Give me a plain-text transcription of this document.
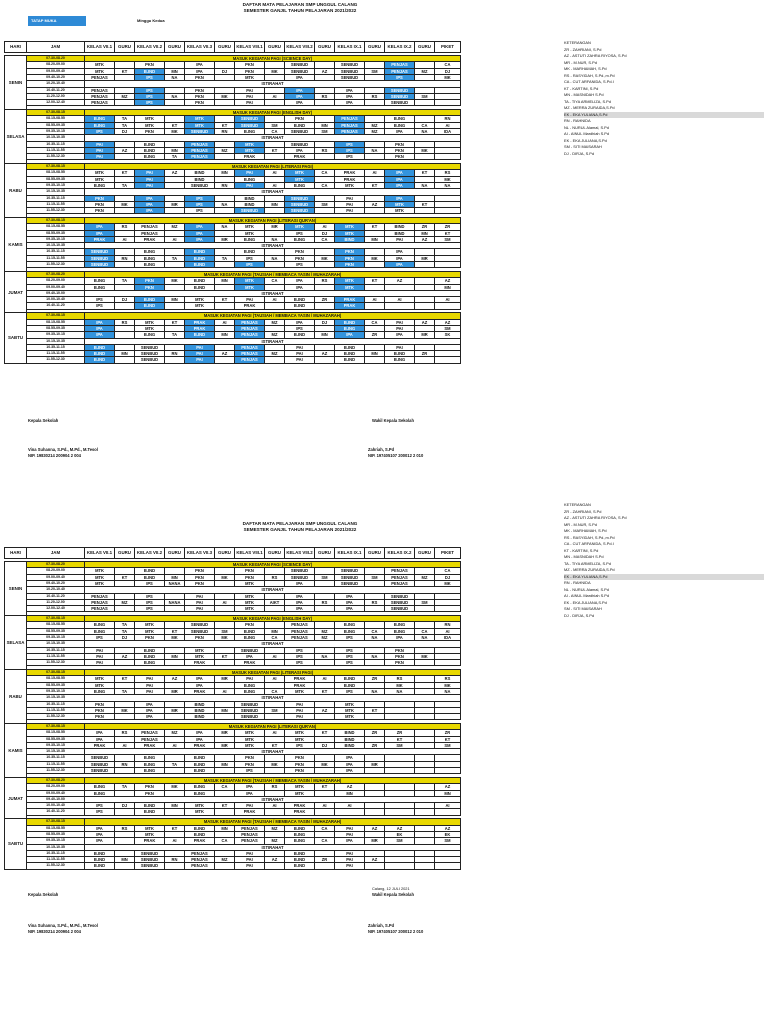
DAFTAR MATA PELAJARAN SMP UNGGUL CALANG
SEMESTER GANJIL TAHUN PELAJARAN 2021/2022
TATAP MUKA	Minggu Kedua
HARI	JAM	KELAS VII.1	GURU	KELAS VII.2	GURU	KELAS VII.3	GURU	KELAS VIII.1	GURU	KELAS VIII.2	GURU	KELAS IX.1	GURU	KELAS IX.2	GURU	PIKET

SENIN	07.30-08.20	MASUK KEGIATAN PAGI (SCIENCE DAY)														
	08.20-09.00	MTK		PKN		IPA		PKN		SENBUD		SENBUD		PENJAS		CA
	09.00-09.40	MTK	KT	B.IND	MN	IPA	DJ	PKN	MK	SENBUD	AZ	SENBUD	SM	PENJAS	MZ	DJ
	09.40-10.20	PENJAS		IPS	NA	PKN		MTK		IPA		SENBUD		IPS		MK
	10.20-10.40	ISTIRAHAT														
	10.40-11.20	PENJAS		IPS		PKN		PAI		IPA		IPA		SENBUD		
	11.20-12.00	PENJAS	MZ	IPS	NA	PKN	MK	PAI	AI	IPA	RS	IPA	RS	SENBUD	SM	
	12.00-12.40	PENJAS		IPS		PKN		PAI		IPA		IPA		SENBUD		

SELASA	07.30-08.15	MASUK KEGIATAN PAGI (ENGLISH DAY)														
	08.15-08.55	B.ING	TA	MTK		MTK		SENBUD		PKN		PENJAS		B.ING		RN
	08.55-09.35	B.ING	TA	MTK	KT	MTK	KT	SENBUD	SM	B.IND	MN	PENJAS	MZ	B.ING	CA	AI
	09.35-10.15	IPS	DJ	PKN	MK	SENBUD	RN	B.ING	CA	SENBUD	SM	PENJAS	MZ	IPA	NA	IDA
	10.15-10.35	ISTIRAHAT														
	10.35-11.15	PAI		B.IND		PENJAS		MTK		SENBUD		IPS		PKN		
	11.15-11.55	PAI	AZ	B.IND	MN	PENJAS	MZ	MTK	KT	IPA	RS	IPS	NA	PKN	MK	
	11.55-12.30	PAI		B.ING	TA	PENJAS		FRAK		PRAK		IPS		PKN		

RABU	07.30-08.15	MASUK KEGIATAN PAGI (LITERASI PAGI)														
	08.15-08.55	MTK	KT	PAI	AZ	BIND	MN	PAI	AI	MTK	CA	PRAK	AI	IPA	KT	RS
	08.55-09.35	MTK		PAI		BIND		B.ING		MTK		PRAK		IPA		MK
	09.35-10.15	B.ING	TA	PAI		SENBUD	RN	PAI	AI	B.ING	CA	MTK	KT	IPA	NA	NA
	10.15-10.35	ISTIRAHAT														
	10.35-11.15	PKN		IPA		IPS		BIND		SENBUD		PAI		IPA		
	11.15-11.55	PKN	MK	IPA	MR	IPS	NA	BIND	MN	SENBUD	SM	PAI	AZ	MTK	KT	
	11.55-12.30	PKN		IPA		IPS		SENBUD		SENBUD		PAI		MTK		

KAMIS	07.30-08.15	MASUK KEGIATAN PAGI (LITERASI QUR'AN)														
	08.15-08.55	IPA	RS	PENJAS	MZ	IPA	NA	MTK	MR	MTK	AI	MTK	KT	BIND	ZR	ZR
	08.55-09.35	IPA		PENJAS		IPA		MTK		IPS	DJ	MTK		BIND	MN	KT
	09.35-10.15	PRAK	AI	PRAK	AI	IPA	MR	B.ING	NA	B.ING	CA	BIND	MN	PAI	AZ	SM
	10.15-10.35	ISTIRAHAT														
	10.35-11.15	SENBUD		B.ING		B.IND		B.IND		PKN		PKN		IPA		
	11.15-11.55	SENBUD	RN	B.ING	TA	B.IND	TA	IPS	NA	PKN	MK	PKN	MK	IPA	MR	
	11.55-12.30	SENBUD		B.ING		B.IND		IPS		IPS		PKN		IPA		

JUMAT	07.30-08.20	MASUK KEGIATAN PAGI (TAUSIAH / MEMBACA YASIN / MUHAZARAH)														
	08.20-09.00	B.ING	TA	PKN	MK	B.IND	MN	MTK	CA	IPA	RS	MTK	KT	AZ		AZ
	09.00-09.40	B.ING		PKN		B.IND		MTK		IPA		MTK				MN
	09.40-10.00	ISTIRAHAT														
	10.00-10.40	IPS	DJ	B.IND	MN	MTK	KT	PAI	AI	B.IND	ZR	PRAK	AI	AI		AI
	10.40-11.20	IPS		B.IND		MTK		PRAK		B.IND		PRAK				

SABTU	07.30-08.15	MASUK KEGIATAN PAGI (TAUSIAH / MEMBACA YASIN / MUHAZARAH)														
	08.15-08.55	IPA	RS	MTK	KT	PRAK	AI	PENJAS	MZ	IPA	DJ	B.IND	CA	PAI	AZ	AZ
	08.55-09.35	IPA		MTK		PRAK		PENJAS		IPS		B.ING		PAI		SM
	09.35-10.15	IPA		B.ING	TA	B.IND	MN	PENJAS	MZ	B.IND	MN	IPA	ZR	IPA	MR	SK
	10.15-10.35	ISTIRAHAT														
	10.35-11.15	B.IND		SENBUD		PAI		PENJAS		PAI		B.IND		PAI		
	11.15-11.55	B.IND	MN	SENBUD	RN	PAI	AZ	PENJAS	MZ	PAI	AZ	B.IND	MN	B.IND	ZR	
	11.55-12.30	B.IND		SENBUD		PAI		PENJAS		PAI		B.IND		B.ING		
KETERANGAN
ZR - ZAHRIANI, S.Pd
AZ - ASTUTI ZAHRA RIYOSA, S.Pd
MR - M.NUR, S.Pd
MK - MARHAMAH, S.Pd
RS - RASYIDAH, S.Pd.,m.Pd
CA - CUT ARFANIDA, S.Pd.I
KT - KARTINI, S.Pd
MN - MASNIDAH S.Pd
TA - TIYA ARMELIZA, S.Pd
MZ - MERRA ZURAIDA,S.Pd
EK - EKA YULIANA,S.Pd
RN - RAHNIDA
NL - NURUL Alamal, S.Pd
AI - AINUL Mardhiah S.Pd
EK - EKA JULIANA,S.Pd
SM - SITI MAISARAH
DJ - DIRJA, S.Pd
Kepala Sekolah	Wakil Kepala Sekolah
Vina Suhanna, S.Pd., M.Pd., M.Tesol
NIP. 19830214 200904 2 004
Zahriah, S.Pd
NIP. 197405107 200012 2 010
DAFTAR MATA PELAJARAN SMP UNGGUL CALANG
SEMESTER GANJIL TAHUN PELAJARAN 2021/2022
HARI	JAM	KELAS VII.1	GURU	KELAS VII.2	GURU	KELAS VII.3	GURU	KELAS VIII.1	GURU	KELAS VIII.2	GURU	KELAS IX.1	GURU	KELAS IX.2	GURU	PIKET

SENIN	07.30-08.20	MASUK KEGIATAN PAGI (SCIENCE DAY)														
	08.20-09.00	MTK		B.IND		PKN		PKN		SENBUD		SENBUD		PENJAS		CA
	09.00-09.40	MTK	KT	B.IND	MN	PKN	MK	PKN	RS	SENBUD	SM	SENBUD	SM	PENJAS	MZ	DJ
	09.40-10.20	MTK		IPS	NANA	PKN		MTK		IPA		SENBUD		PENJAS		MK
	10.20-10.40	ISTIRAHAT														
	10.40-11.20	PENJAS		IPS		PAI		MTK		IPA		IPA		SENBUD		
	11.20-12.00	PENJAS	MZ	IPS	NANA	PAI	AI	MTK	AIKT	IPA	RS	IPA	RS	SENBUD	SM	
	12.00-12.40	PENJAS		IPS		PAI		MTK		IPA		IPA		SENBUD		

SELASA	07.30-08.15	MASUK KEGIATAN PAGI (ENGLISH DAY)														
	08.15-08.55	B.ING	TA	MTK		SENBUD		PKN		PENJAS		B.ING		B.ING		RN
	08.55-09.35	B.ING	TA	MTK	KT	SENBUD	SM	B.IND	MN	PENJAS	MZ	B.ING	CA	B.ING	CA	AI
	09.35-10.15	IPS	DJ	PKN	MK	PKN	MK	B.ING	CA	PENJAS	MZ	IPS	NA	IPA	NA	IDA
	10.15-10.35	ISTIRAHAT														
	10.35-11.15	PAI		B.IND		MTK		SENBUD		IPS		IPS		PKN		
	11.15-11.55	PAI	AZ	B.IND	MN	MTK	KT	IPA	AI	IPS	NA	IPS	NA	PKN	MK	
	11.55-12.30	PAI		B.ING		FRAK		PRAK		IPS		IPS		PKN		

RABU	07.30-08.15	MASUK KEGIATAN PAGI (LITERASI PAGI)														
	08.15-08.55	MTK	KT	PAI	AZ	IPA	MR	PAI	AI	PRAK	AI	B.IND	ZR	RS		RS
	08.55-09.35	MTK		PAI		IPA		B.ING		PRAK		B.IND		MK		MK
	09.35-10.15	B.ING	TA	PAI	MR	PRAK	AI	B.ING	CA	MTK	KT	IPS	NA	NA		NA
	10.15-10.35	ISTIRAHAT														
	10.35-11.15	PKN		IPA		BIND		SENBUD		PAI		MTK				
	11.15-11.55	PKN	MK	IPA	MR	BIND	MN	SENBUD	SM	PAI	AZ	MTK	KT			
	11.55-12.30	PKN		IPA		BIND		SENBUD		PAI		MTK				

KAMIS	07.30-08.15	MASUK KEGIATAN PAGI (LITERASI QUR'AN)														
	08.15-08.55	IPA	RS	PENJAS	MZ	IPA	MR	MTK	AI	MTK	KT	BIND	ZR	ZR		ZR
	08.55-09.35	IPA		PENJAS		IPA		MTK		MTK		BIND		KT		KT
	09.35-10.15	PRAK	AI	PRAK	AI	PRAK	MR	MTK	KT	IPS	DJ	BIND	ZR	SM		SM
	10.15-10.35	ISTIRAHAT														
	10.35-11.15	SENBUD		B.ING		B.IND		PKN		PKN		IPA				
	11.15-11.55	SENBUD	RN	B.ING	TA	B.IND	MN	PKN	MK	PKN	MK	IPA	MR			
	11.55-12.30	SENBUD		B.ING		B.IND		IPS		PKN		IPA				

JUMAT	07.30-08.20	MASUK KEGIATAN PAGI (TAUSIAH / MEMBACA YASIN / MUHAZARAH)														
	08.20-09.00	B.ING	TA	PKN	MK	B.ING	CA	IPA	RS	MTK	KT	AZ				AZ
	09.00-09.40	B.ING		PKN		B.ING		IPA		MTK		MN				MN
	09.40-10.00	ISTIRAHAT														
	10.00-10.40	IPS	DJ	B.IND	MN	MTK	KT	PAI	AI	PRAK	AI	AI				AI
	10.40-11.20	IPS		B.IND		MTK		PRAK		PRAK						

SABTU	07.30-08.15	MASUK KEGIATAN PAGI (TAUSIAH / MEMBACA YASIN / MUHAZARAH)														
	08.15-08.55	IPA	RS	MTK	KT	B.IND	MN	PENJAS	MZ	B.IND	CA	PAI	AZ	AZ		AZ
	08.55-09.35	IPA		MTK		B.IND		PENJAS		B.ING		PAI		EK		EK
	09.35-10.15	IPA		PRAK	AI	PRAK	CA	PENJAS	MZ	B.ING	CA	IPA	MR	SM		SM
	10.15-10.35	ISTIRAHAT														
	10.35-11.15	B.IND		SENBUD		PENJAS		PAI		B.IND		PAI				
	11.15-11.55	B.IND	MN	SENBUD	RN	PENJAS	MZ	PAI	AZ	B.IND	ZR	PAI	AZ			
	11.55-12.30	B.IND		SENBUD		PENJAS		PAI		B.IND		PAI				
KETERANGAN
ZR - ZAHRIANI, S.Pd
AZ - ASTUTI ZAHRA RIYOSA, S.Pd
MR - M.NUR, S.Pd
MK - MARHAMAH, S.Pd
RS - RASYIDAH, S.Pd.,m.Pd
CA - CUT ARFANIDA, S.Pd.I
KT - KARTINI, S.Pd
MN - MASNIDAH S.Pd
TA - TIYA ARMELIZA, S.Pd
MZ - MERRA ZURAIDA,S.Pd
EK - EKA YULIANA,S.Pd
RN - RAHNIDA
NL - NURUL Alamal, S.Pd
AI - AINUL Mardhiah S.Pd
EK - EKA JULIANA,S.Pd
SM - SITI MAISARAH
DJ - DIRJA, S.Pd
Calang, 12 JULI 2021
Kepala Sekolah	Wakil Kepala Sekolah
Vina Suhanna, S.Pd., M.Pd., M.Tesol
NIP. 19830214 200904 2 004
Zahriah, S.Pd
NIP. 197405107 200012 2 010
